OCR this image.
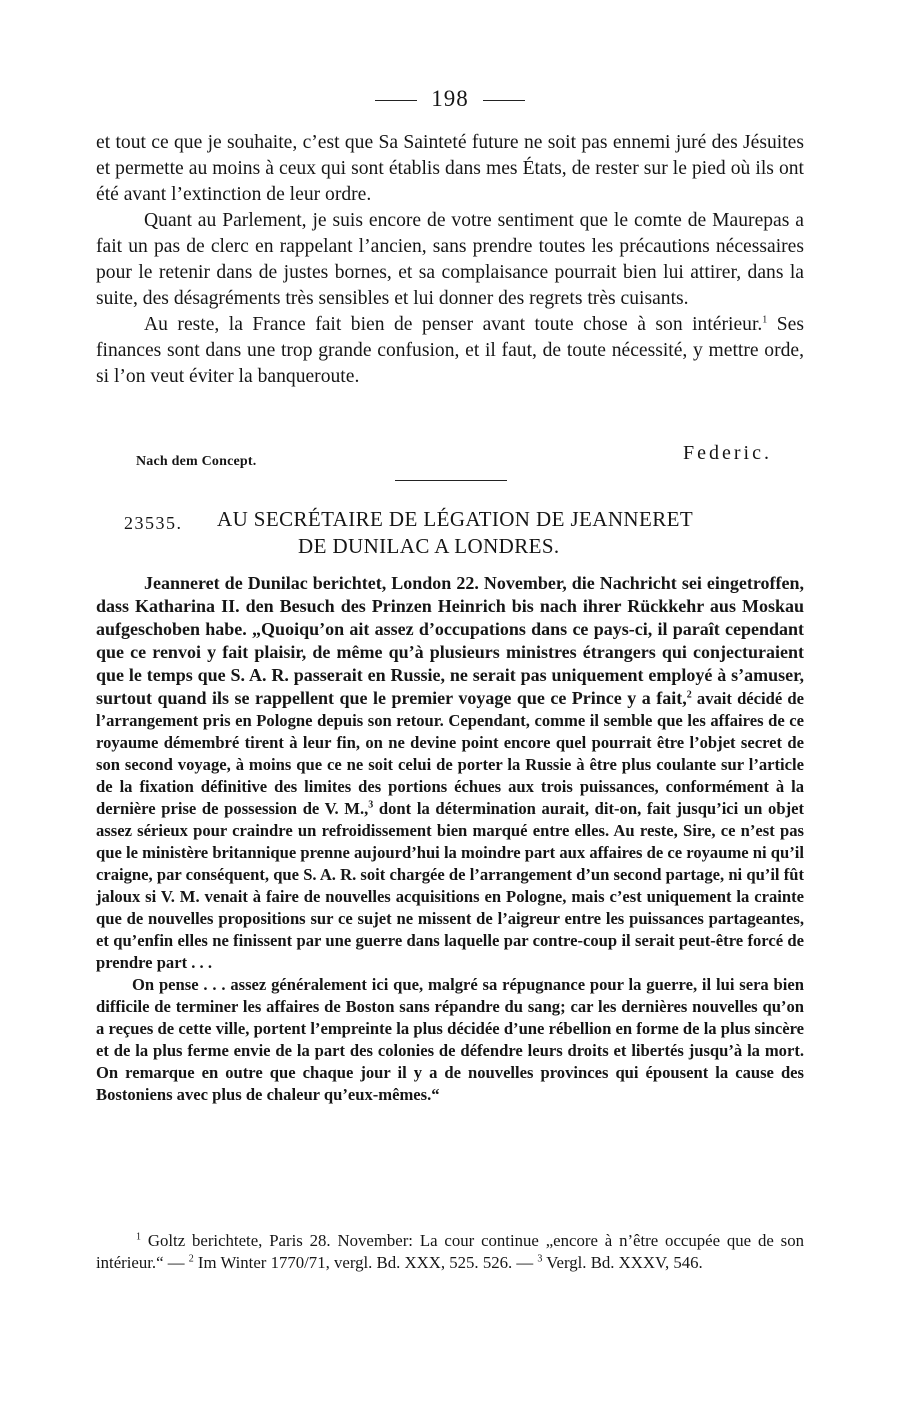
198

et tout ce que je souhaite, c’est que Sa Sainteté future ne soit pas ennemi juré des Jésuites et permette au moins à ceux qui sont établis dans mes États, de rester sur le pied où ils ont été avant l’extinction de leur ordre.

Quant au Parlement, je suis encore de votre sentiment que le comte de Maurepas a fait un pas de clerc en rappelant l’ancien, sans prendre toutes les précautions nécessaires pour le retenir dans de justes bornes, et sa complaisance pourrait bien lui attirer, dans la suite, des désagréments très sensibles et lui donner des regrets très cuisants.

Au reste, la France fait bien de penser avant toute chose à son intérieur.$^1$ Ses finances sont dans une trop grande confusion, et il faut, de toute nécessité, y mettre orde, si l’on veut éviter la banqueroute.

Nach dem Concept.	Federic.
23535. AU SECRÉTAIRE DE LÉGATION DE JEANNERET
DE DUNILAC A LONDRES.

Jeanneret de Dunilac berichtet, London 22. November, die Nachricht sei eingetroffen, dass Katharina II. den Besuch des Prinzen Heinrich bis nach ihrer Rückkehr aus Moskau aufgeschoben habe. „Quoiqu’on ait assez d’occupations dans ce pays-ci, il paraît cependant que ce renvoi y fait plaisir, de même qu’à plusieurs ministres étrangers qui conjecturaient que le temps que S. A. R. passerait en Russie, ne serait pas uniquement employé à s’amuser, surtout quand ils se rappellent que le premier voyage que ce Prince y a fait,$^2$ avait décidé de l’arrangement pris en Pologne depuis son retour. Cependant, comme il semble que les affaires de ce royaume démembré tirent à leur fin, on ne devine point encore quel pourrait être l’objet secret de son second voyage, à moins que ce ne soit celui de porter la Russie à être plus coulante sur l’article de la fixation définitive des limites des portions échues aux trois puissances, conformément à la dernière prise de possession de V. M.,$^3$ dont la détermination aurait, dit-on, fait jusqu’ici un objet assez sérieux pour craindre un refroidissement bien marqué entre elles. Au reste, Sire, ce n’est pas que le ministère britannique prenne aujourd’hui la moindre part aux affaires de ce royaume ni qu’il craigne, par conséquent, que S. A. R. soit chargée de l’arrangement d’un second partage, ni qu’il fût jaloux si V. M. venait à faire de nouvelles acquisitions en Pologne, mais c’est uniquement la crainte que de nouvelles propositions sur ce sujet ne missent de l’aigreur entre les puissances partageantes, et qu’enfin elles ne finissent par une guerre dans laquelle par contre-coup il serait peut-être forcé de prendre part . . .

On pense . . . assez généralement ici que, malgré sa répugnance pour la guerre, il lui sera bien difficile de terminer les affaires de Boston sans répandre du sang; car les dernières nouvelles qu’on a reçues de cette ville, portent l’empreinte la plus décidée d’une rébellion en forme de la plus sincère et de la plus ferme envie de la part des colonies de défendre leurs droits et libertés jusqu’à la mort. On remarque en outre que chaque jour il y a de nouvelles provinces qui épousent la cause des Bostoniens avec plus de chaleur qu’eux-mêmes.“

$^1$ Goltz berichtete, Paris 28. November: La cour continue „encore à n’être occupée que de son intérieur.“ — $^2$ Im Winter 1770/71, vergl. Bd. XXX, 525. 526. — $^3$ Vergl. Bd. XXXV, 546.
